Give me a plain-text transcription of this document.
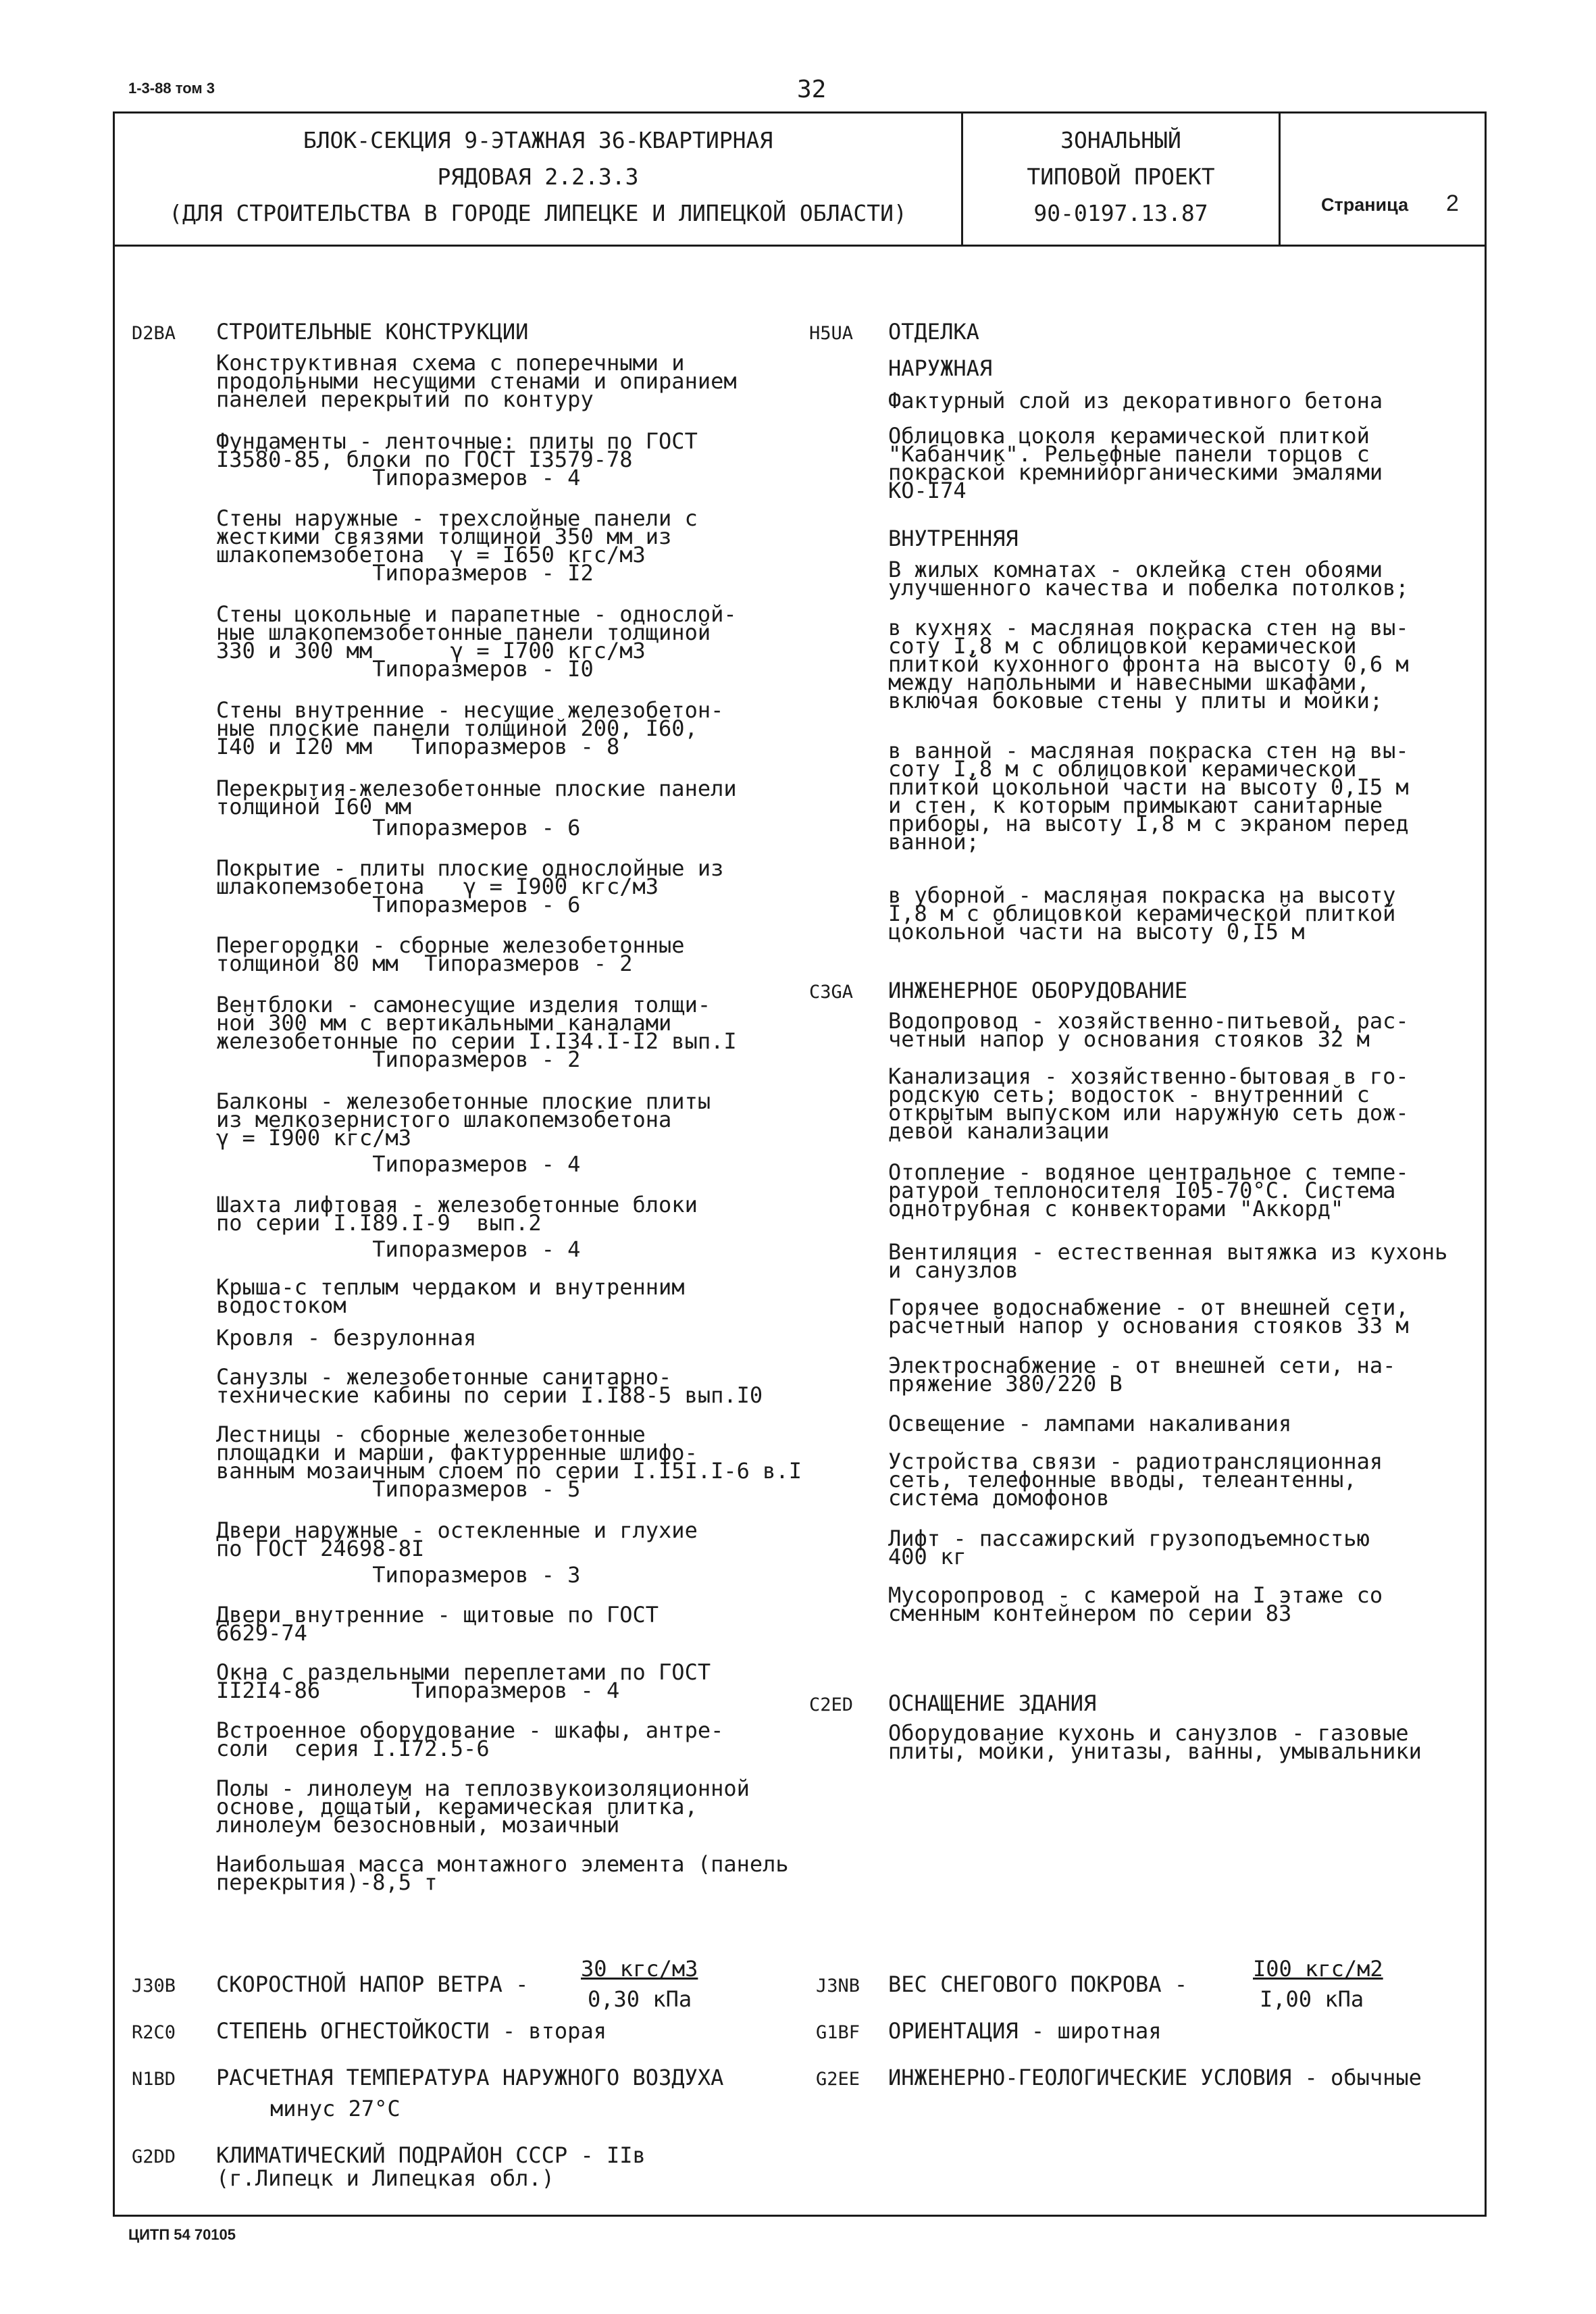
1-3-88 том 3	32
БЛОК-СЕКЦИЯ 9-ЭТАЖНАЯ 36-КВАРТИРНАЯ
РЯДОВАЯ 2.2.3.3
(ДЛЯ СТРОИТЕЛЬСТВА В ГОРОДЕ ЛИПЕЦКЕ И ЛИПЕЦКОЙ ОБЛАСТИ)
ЗОНАЛЬНЫЙ
ТИПОВОЙ ПРОЕКТ
90-0197.13.87	Страница 2
D2BA СТРОИТЕЛЬНЫЕ КОНСТРУКЦИИ
Конструктивная схема с поперечными и
продольными несущими стенами и опиранием
панелей перекрытий по контуру
Фундаменты - ленточные: плиты по ГОСТ
I3580-85, блоки по ГОСТ I3579-78
Типоразмеров - 4
Стены наружные - трехслойные панели с
жесткими связями толщиной 350 мм из
шлакопемзобетона  γ = I650 кгс/м3
Типоразмеров - I2
Стены цокольные и парапетные - однослой-
ные шлакопемзобетонные панели толщиной
330 и 300 мм      γ = I700 кгс/м3
Типоразмеров - I0
Стены внутренние - несущие железобетон-
ные плоские панели толщиной 200, I60,
I40 и I20 мм   Типоразмеров - 8
Перекрытия-железобетонные плоские панели
толщиной I60 мм
Типоразмеров - 6
Покрытие - плиты плоские однослойные из
шлакопемзобетона   γ = I900 кгс/м3
Типоразмеров - 6
Перегородки - сборные железобетонные
толщиной 80 мм  Типоразмеров - 2
Вентблоки - самонесущие изделия толщи-
ной 300 мм с вертикальными каналами
железобетонные по серии I.I34.I-I2 вып.I
Типоразмеров - 2
Балконы - железобетонные плоские плиты
из мелкозернистого шлакопемзобетона
γ = I900 кгс/м3
Типоразмеров - 4
Шахта лифтовая - железобетонные блоки
по серии I.I89.I-9  вып.2
Типоразмеров - 4
Крыша-с теплым чердаком и внутренним
водостоком
Кровля - безрулонная
Санузлы - железобетонные санитарно-
технические кабины по серии I.I88-5 вып.I0
Лестницы - сборные железобетонные
площадки и марши, фактурренные шлифо-
ванным мозаичным слоем по серии I.I5I.I-6 в.I
Типоразмеров - 5
Двери наружные - остекленные и глухие
по ГОСТ 24698-8I
Типоразмеров - 3
Двери внутренние - щитовые по ГОСТ
6629-74
Окна с раздельными переплетами по ГОСТ
II2I4-86       Типоразмеров - 4
Встроенное оборудование - шкафы, антре-
соли  серия I.I72.5-6
Полы - линолеум на теплозвукоизоляционной
основе, дощатый, керамическая плитка,
линолеум безосновный, мозаичный
Наибольшая масса монтажного элемента (панель
перекрытия)-8,5 т
H5UA ОТДЕЛКА
НАРУЖНАЯ
Фактурный слой из декоративного бетона
Облицовка цоколя керамической плиткой
"Кабанчик". Рельефные панели торцов с
покраской кремнийорганическими эмалями
КО-I74
ВНУТРЕННЯЯ
В жилых комнатах - оклейка стен обоями
улучшенного качества и побелка потолков;
в кухнях - масляная покраска стен на вы-
соту I,8 м с облицовкой керамической
плиткой кухонного фронта на высоту 0,6 м
между напольными и навесными шкафами,
включая боковые стены у плиты и мойки;
в ванной - масляная покраска стен на вы-
соту I,8 м с облицовкой керамической
плиткой цокольной части на высоту 0,I5 м
и стен, к которым примыкают санитарные
приборы, на высоту I,8 м с экраном перед
ванной;
в уборной - масляная покраска на высоту
I,8 м с облицовкой керамической плиткой
цокольной части на высоту 0,I5 м
C3GA ИНЖЕНЕРНОЕ ОБОРУДОВАНИЕ
Водопровод - хозяйственно-питьевой, рас-
четный напор у основания стояков 32 м
Канализация - хозяйственно-бытовая в го-
родскую сеть; водосток - внутренний с
открытым выпуском или наружную сеть дож-
девой канализации
Отопление - водяное центральное с темпе-
ратурой теплоносителя I05-70°C. Система
однотрубная с конвекторами "Аккорд"
Вентиляция - естественная вытяжка из кухонь
и санузлов
Горячее водоснабжение - от внешней сети,
расчетный напор у основания стояков 33 м
Электроснабжение - от внешней сети, на-
пряжение 380/220 В
Освещение - лампами накаливания
Устройства связи - радиотрансляционная
сеть, телефонные вводы, телеантенны,
система домофонов
Лифт - пассажирский грузоподъемностью
400 кг
Мусоропровод - с камерой на I этаже со
сменным контейнером по серии 83
C2ED ОСНАЩЕНИЕ ЗДАНИЯ
Оборудование кухонь и санузлов - газовые
плиты, мойки, унитазы, ванны, умывальники
J30B СКОРОСТНОЙ НАПОР ВЕТРА -
30 кгс/м3
0,30 кПа
J3NB ВЕС СНЕГОВОГО ПОКРОВА -
I00 кгс/м2
I,00 кПа
R2C0 СТЕПЕНЬ ОГНЕСТОЙКОСТИ - вторая	G1BF ОРИЕНТАЦИЯ - широтная
N1BD РАСЧЕТНАЯ ТЕМПЕРАТУРА НАРУЖНОГО ВОЗДУХА
минус 27°C
G2EE ИНЖЕНЕРНО-ГЕОЛОГИЧЕСКИЕ УСЛОВИЯ - обычные
G2DD КЛИМАТИЧЕСКИЙ ПОДРАЙОН СССР - IIв
(г.Липецк и Липецкая обл.)
ЦИТП 54 70105
